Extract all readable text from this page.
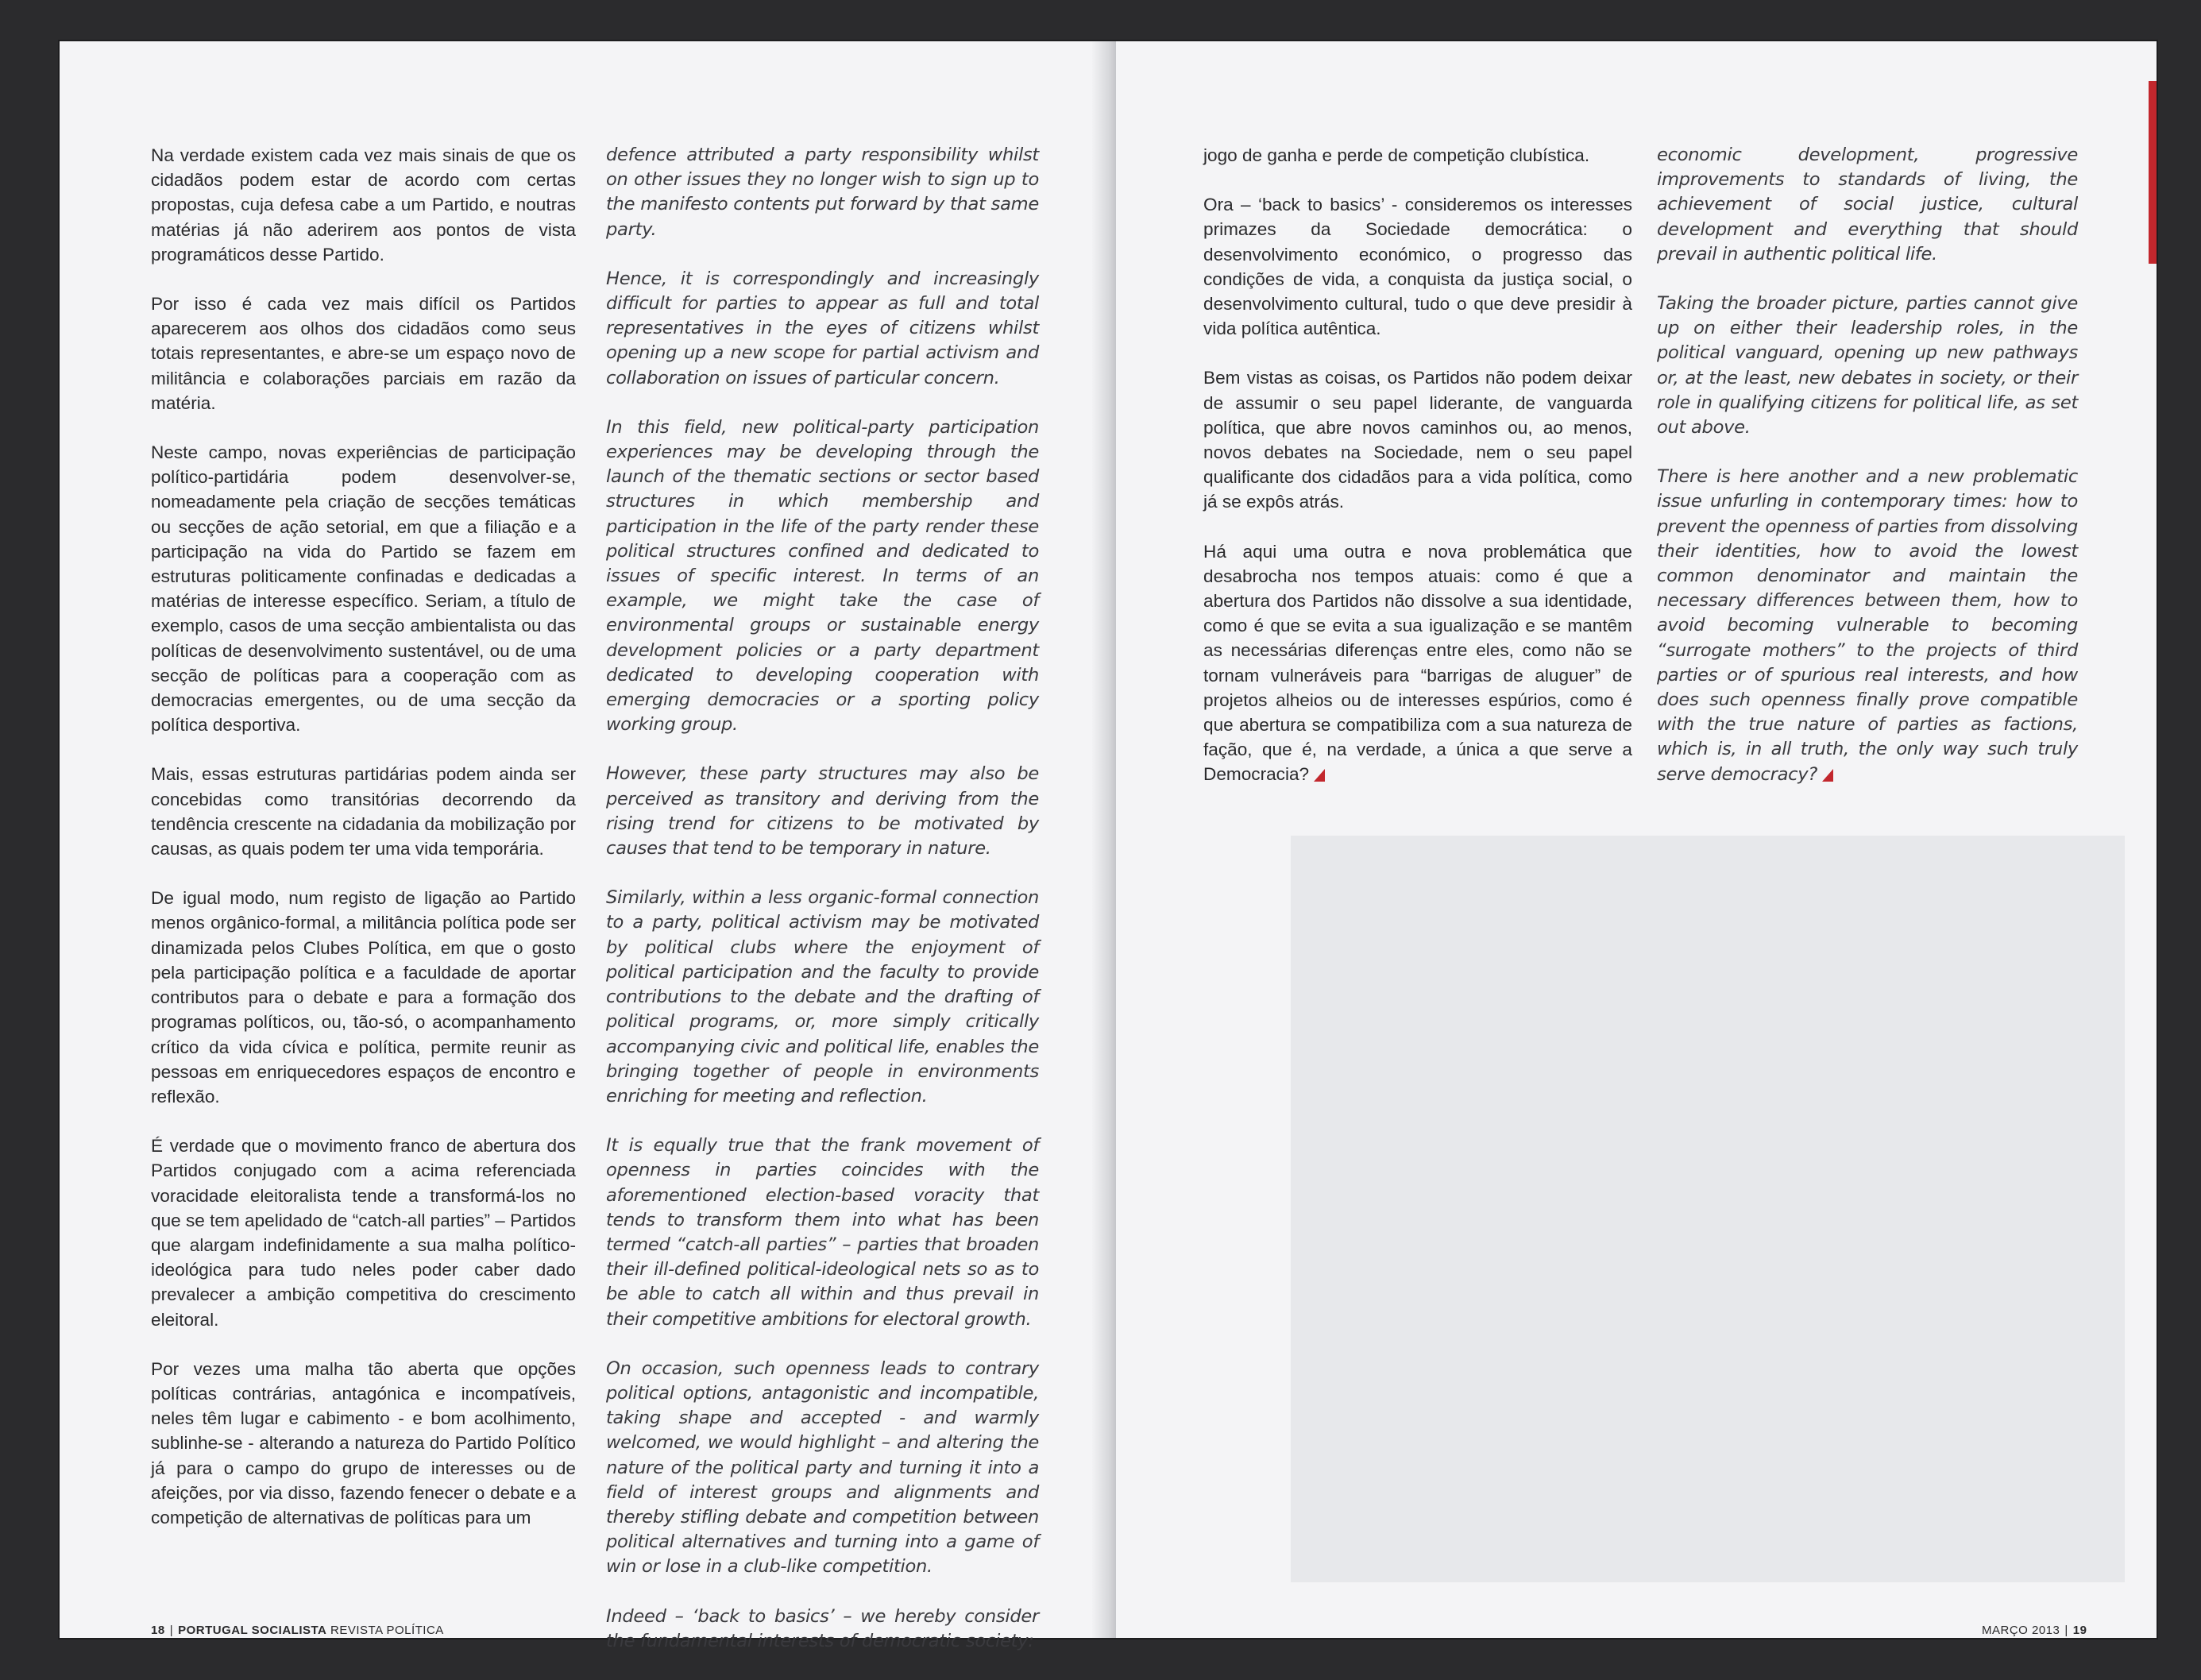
Na verdade existem cada vez mais sinais de que os cidadãos podem estar de acordo com certas propostas, cuja defesa cabe a um Partido, e noutras matérias já não aderirem aos pontos de vista programáticos desse Partido.

Por isso é cada vez mais difícil os Partidos aparecerem aos olhos dos cidadãos como seus totais representantes, e abre-se um espaço novo de militância e colaborações parciais em razão da matéria.

Neste campo, novas experiências de participação político-partidária podem desenvolver-se, nomeadamente pela criação de secções temáticas ou secções de ação setorial, em que a filiação e a participação na vida do Partido se fazem em estruturas politicamente confinadas e dedicadas a matérias de interesse específico. Seriam, a título de exemplo, casos de uma secção ambientalista ou das políticas de desenvolvimento sustentável, ou de uma secção de políticas para a cooperação com as democracias emergentes, ou de uma secção da política desportiva.

Mais, essas estruturas partidárias podem ainda ser concebidas como transitórias decorrendo da tendência crescente na cidadania da mobilização por causas, as quais podem ter uma vida temporária.

De igual modo, num registo de ligação ao Partido menos orgânico-formal, a militância política pode ser dinamizada pelos Clubes Política, em que o gosto pela participação política e a faculdade de aportar contributos para o debate e para a formação dos programas políticos, ou, tão-só, o acompanhamento crítico da vida cívica e política, permite reunir as pessoas em enriquecedores espaços de encontro e reflexão.

É verdade que o movimento franco de abertura dos Partidos conjugado com a acima referenciada voracidade eleitoralista tende a transformá-los no que se tem apelidado de “catch-all parties” – Partidos que alargam indefinidamente a sua malha político-ideológica para tudo neles poder caber dado prevalecer a ambição competitiva do crescimento eleitoral.

Por vezes uma malha tão aberta que opções políticas contrárias, antagónica e incompatíveis, neles têm lugar e cabimento - e bom acolhimento, sublinhe-se - alterando a natureza do Partido Político já para o campo do grupo de interesses ou de afeições, por via disso, fazendo fenecer o debate e a competição de alternativas de políticas para um

defence attributed a party responsibility whilst on other issues they no longer wish to sign up to the manifesto contents put forward by that same party.

Hence, it is correspondingly and increasingly difficult for parties to appear as full and total representatives in the eyes of citizens whilst opening up a new scope for partial activism and collaboration on issues of particular concern.

In this field, new political-party participation experiences may be developing through the launch of the thematic sections or sector based structures in which membership and participation in the life of the party render these political structures confined and dedicated to issues of specific interest. In terms of an example, we might take the case of environmental groups or sustainable energy development policies or a party department dedicated to developing cooperation with emerging democracies or a sporting policy working group.

However, these party structures may also be perceived as transitory and deriving from the rising trend for citizens to be motivated by causes that tend to be temporary in nature.

Similarly, within a less organic-formal connection to a party, political activism may be motivated by political clubs where the enjoyment of political participation and the faculty to provide contributions to the debate and the drafting of political programs, or, more simply critically accompanying civic and political life, enables the bringing together of people in environments enriching for meeting and reflection.

It is equally true that the frank movement of openness in parties coincides with the aforementioned election-based voracity that tends to transform them into what has been termed “catch-all parties” – parties that broaden their ill-defined political-ideological nets so as to be able to catch all within and thus prevail in their competitive ambitions for electoral growth.

On occasion, such openness leads to contrary political options, antagonistic and incompatible, taking shape and accepted - and warmly welcomed, we would highlight – and altering the nature of the political party and turning it into a field of interest groups and alignments and thereby stifling debate and competition between political alternatives and turning into a game of win or lose in a club-like competition.

Indeed – ‘back to basics’ – we hereby consider the fundamental interests of democratic society:

18 | PORTUGAL SOCIALISTA REVISTA POLÍTICA

jogo de ganha e perde de competição clubística.

Ora – ‘back to basics’ - consideremos os interesses primazes da Sociedade democrática: o desenvolvimento económico, o progresso das condições de vida, a conquista da justiça social, o desenvolvimento cultural, tudo o que deve presidir à vida política autêntica.

Bem vistas as coisas, os Partidos não podem deixar de assumir o seu papel liderante, de vanguarda política, que abre novos caminhos ou, ao menos, novos debates na Sociedade, nem o seu papel qualificante dos cidadãos para a vida política, como já se expôs atrás.

Há aqui uma outra e nova problemática que desabrocha nos tempos atuais: como é que a abertura dos Partidos não dissolve a sua identidade, como é que se evita a sua igualização e se mantêm as necessárias diferenças entre eles, como não se tornam vulneráveis para “barrigas de aluguer” de projetos alheios ou de interesses espúrios, como é que abertura se compatibiliza com a sua natureza de fação, que é, na verdade, a única a que serve a Democracia?

economic development, progressive improvements to standards of living, the achievement of social justice, cultural development and everything that should prevail in authentic political life.

Taking the broader picture, parties cannot give up on either their leadership roles, in the political vanguard, opening up new pathways or, at the least, new debates in society, or their role in qualifying citizens for political life, as set out above.

There is here another and a new problematic issue unfurling in contemporary times: how to prevent the openness of parties from dissolving their identities, how to avoid the lowest common denominator and maintain the necessary differences between them, how to avoid becoming vulnerable to becoming “surrogate mothers” to the projects of third parties or of spurious real interests, and how does such openness finally prove compatible with the true nature of parties as factions, which is, in all truth, the only way such truly serve democracy?

MARÇO 2013 | 19
